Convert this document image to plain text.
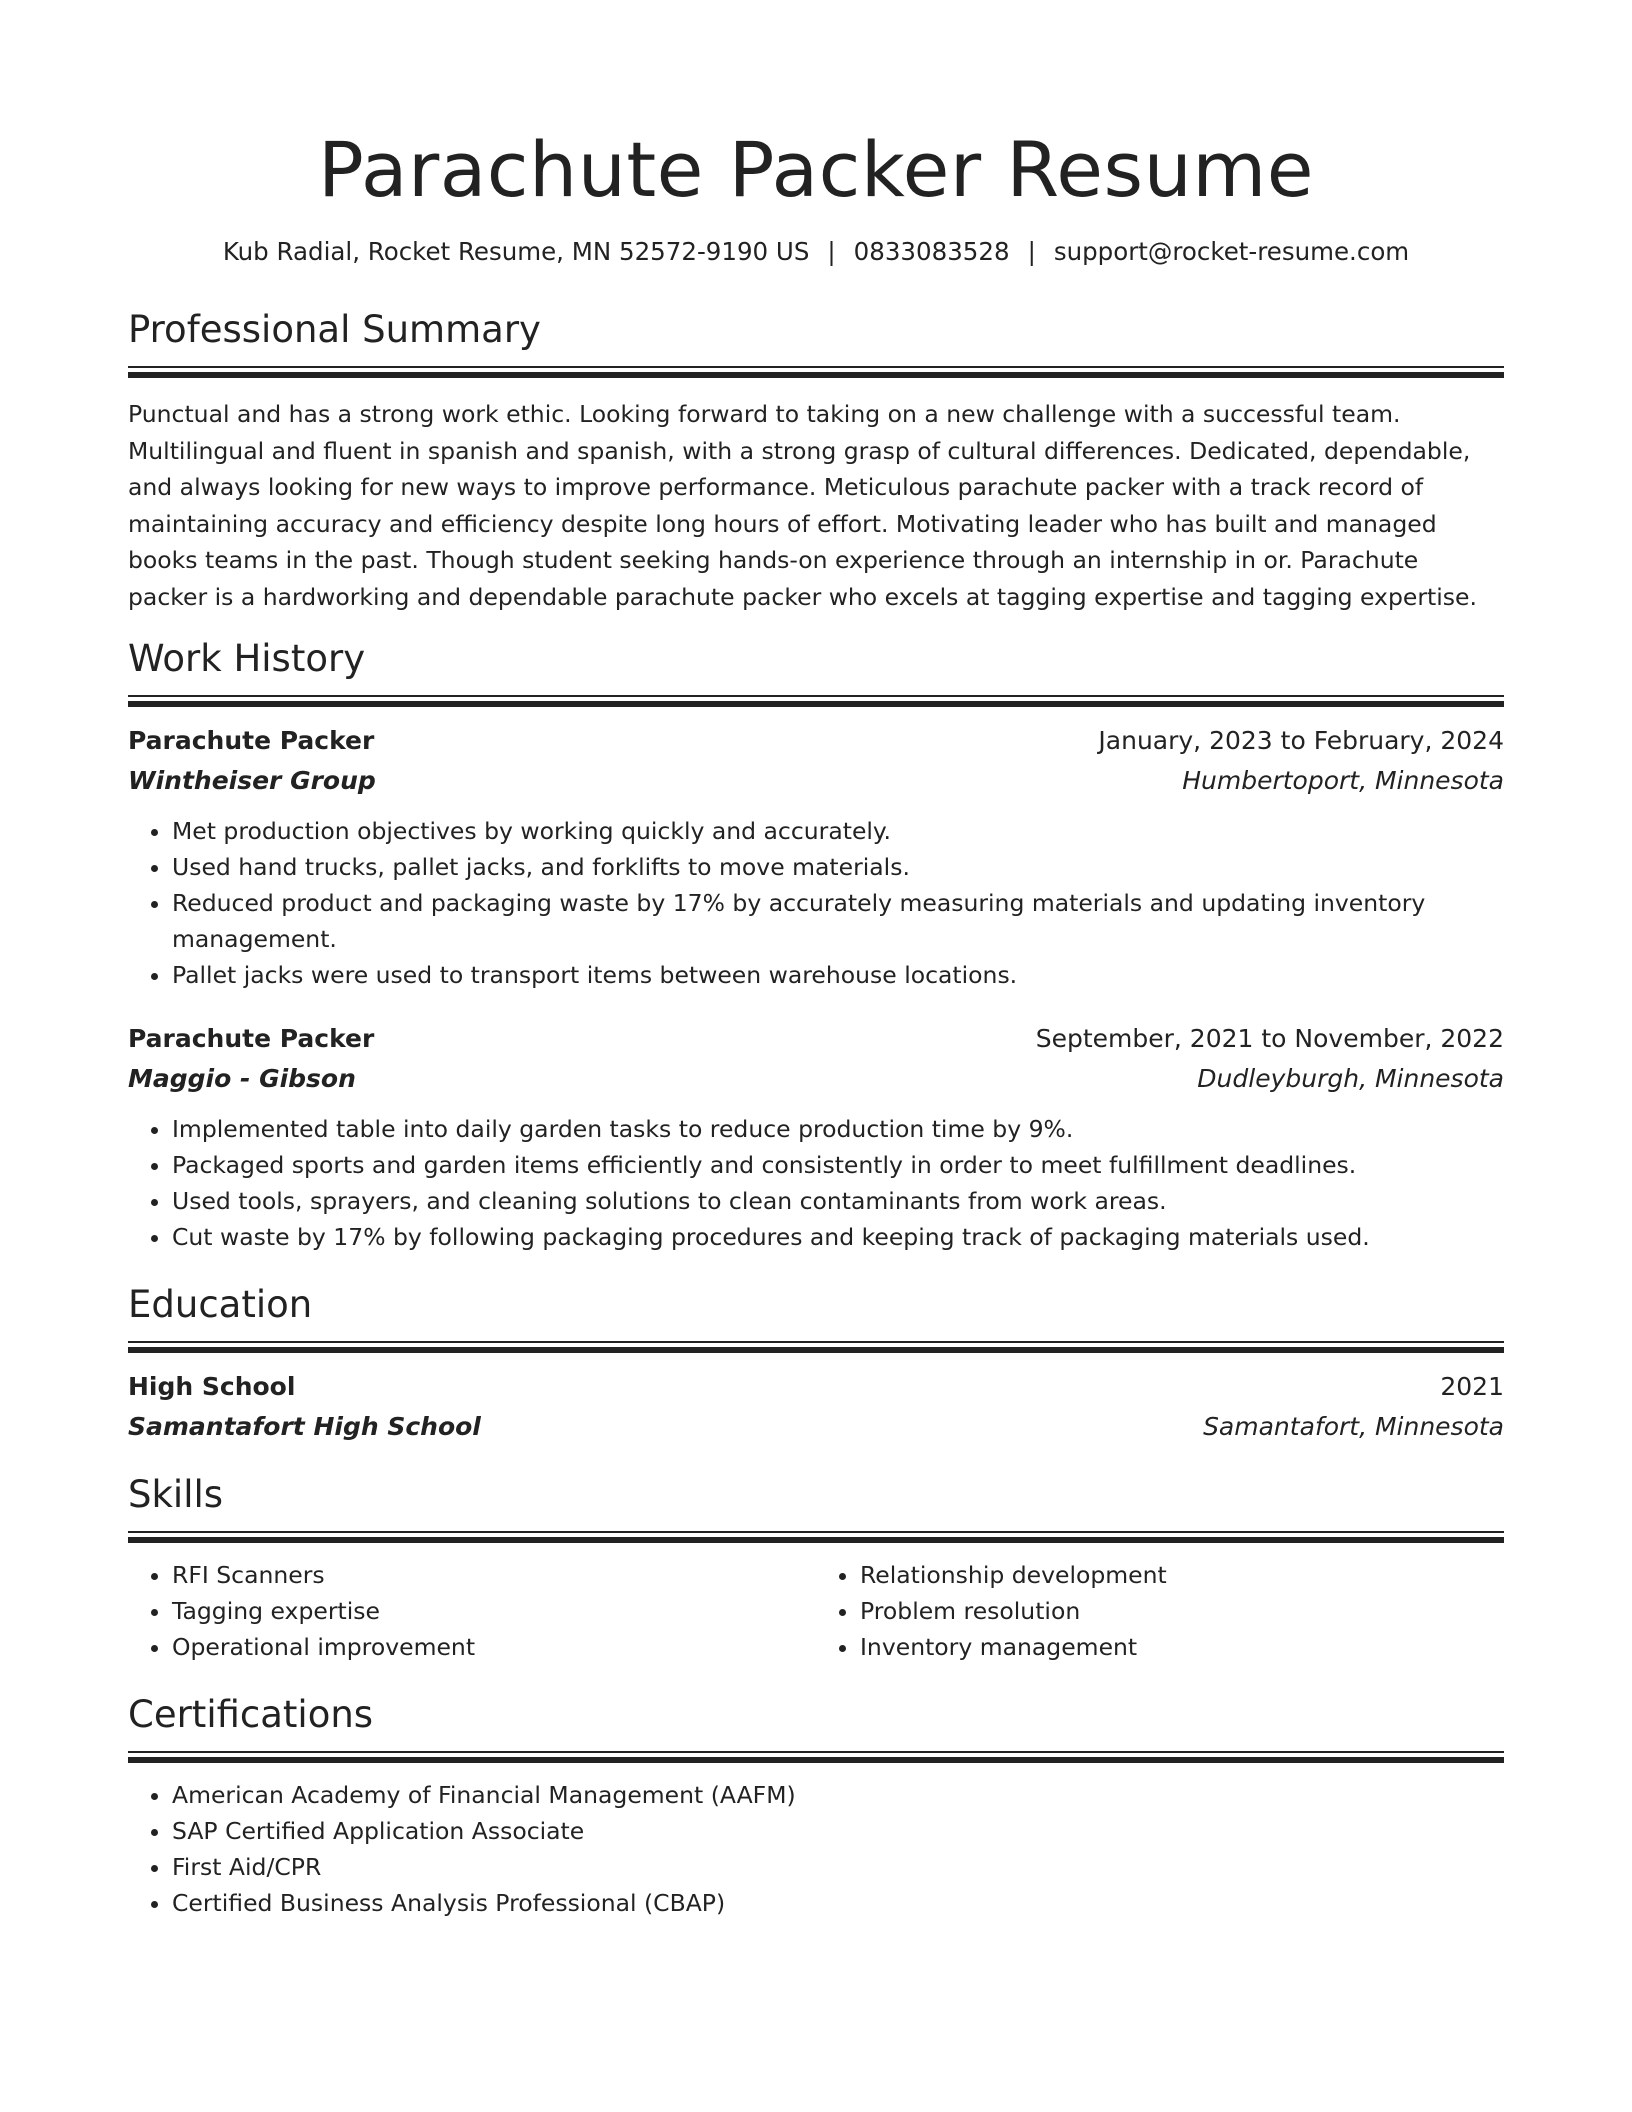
Parachute Packer Resume
Kub Radial, Rocket Resume, MN 52572-9190 US | 0833083528 | support@rocket-resume.com
Professional Summary

Punctual and has a strong work ethic. Looking forward to taking on a new challenge with a successful team. Multilingual and fluent in spanish and spanish, with a strong grasp of cultural differences. Dedicated, dependable, and always looking for new ways to improve performance. Meticulous parachute packer with a track record of maintaining accuracy and efficiency despite long hours of effort. Motivating leader who has built and managed books teams in the past. Though student seeking hands-on experience through an internship in or. Parachute packer is a hardworking and dependable parachute packer who excels at tagging expertise and tagging expertise.

Work History
Parachute Packer	January, 2023 to February, 2024
Wintheiser Group	Humbertoport, Minnesota
• Met production objectives by working quickly and accurately.
• Used hand trucks, pallet jacks, and forklifts to move materials.
• Reduced product and packaging waste by 17% by accurately measuring materials and updating inventory management.
• Pallet jacks were used to transport items between warehouse locations.
Parachute Packer	September, 2021 to November, 2022
Maggio - Gibson	Dudleyburgh, Minnesota
• Implemented table into daily garden tasks to reduce production time by 9%.
• Packaged sports and garden items efficiently and consistently in order to meet fulfillment deadlines.
• Used tools, sprayers, and cleaning solutions to clean contaminants from work areas.
• Cut waste by 17% by following packaging procedures and keeping track of packaging materials used.
Education
High School	2021
Samantafort High School	Samantafort, Minnesota
Skills
• RFI Scanners
• Tagging expertise
• Operational improvement
• Relationship development
• Problem resolution
• Inventory management
Certifications
• American Academy of Financial Management (AAFM)
• SAP Certified Application Associate
• First Aid/CPR
• Certified Business Analysis Professional (CBAP)
